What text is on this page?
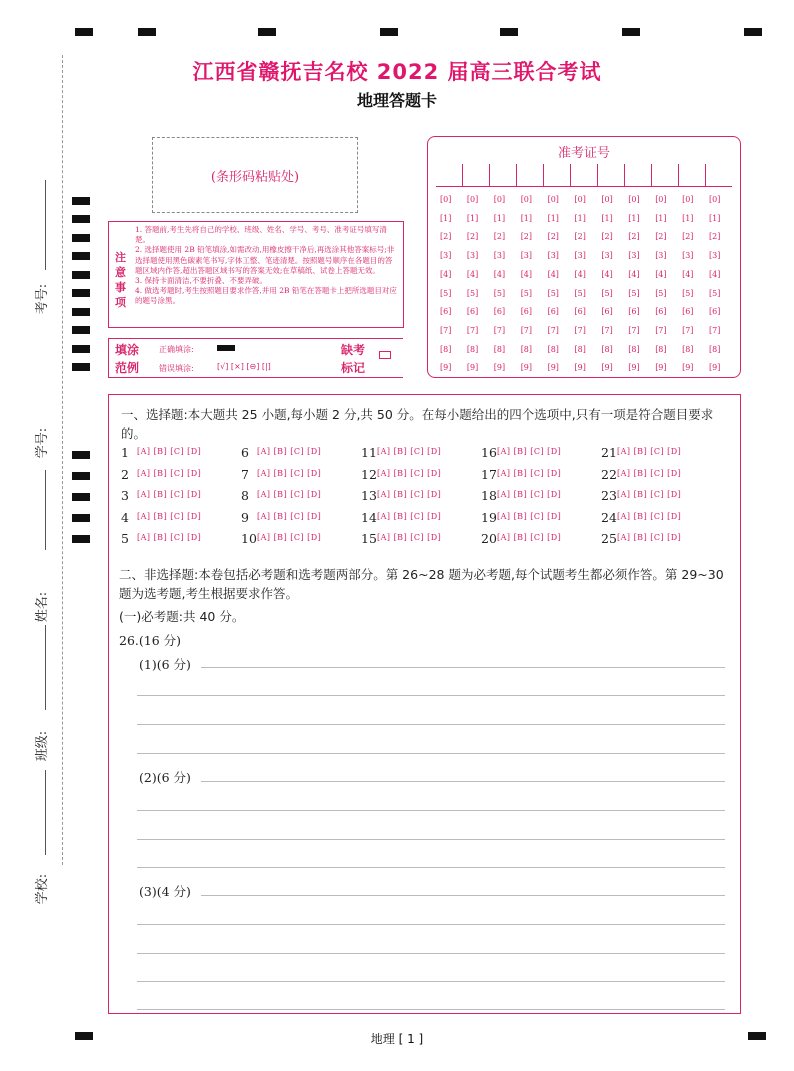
考号:
学号:
姓名:
班级:
学校:
江西省赣抚吉名校 2022 届高三联合考试
地理答题卡
(条形码粘贴处)
注意事项
1. 答题前,考生先将自己的学校、班级、姓名、学号、考号、准考证号填写清楚。
2. 选择题使用 2B 铅笔填涂,如需改动,用橡皮擦干净后,再选涂其他答案标号;非选择题使用黑色碳素笔书写,字体工整、笔迹清楚。按照题号顺序在各题目的答题区域内作答,超出答题区域书写的答案无效;在草稿纸、试卷上答题无效。
3. 保持卡面清洁,不要折叠、不要弄破。
4. 做选考题时,考生按照题目要求作答,并用 2B 铅笔在答题卡上把所选题目对应的题号涂黑。
填涂
范例
正确填涂:
错误填涂:	[√] [×] [⊖] [|]
缺考
标记
准考证号
[0]
[1]
[2]
[3]
[4]
[5]
[6]
[7]
[8]
[9]
[0]
[1]
[2]
[3]
[4]
[5]
[6]
[7]
[8]
[9]
[0]
[1]
[2]
[3]
[4]
[5]
[6]
[7]
[8]
[9]
[0]
[1]
[2]
[3]
[4]
[5]
[6]
[7]
[8]
[9]
[0]
[1]
[2]
[3]
[4]
[5]
[6]
[7]
[8]
[9]
[0]
[1]
[2]
[3]
[4]
[5]
[6]
[7]
[8]
[9]
[0]
[1]
[2]
[3]
[4]
[5]
[6]
[7]
[8]
[9]
[0]
[1]
[2]
[3]
[4]
[5]
[6]
[7]
[8]
[9]
[0]
[1]
[2]
[3]
[4]
[5]
[6]
[7]
[8]
[9]
[0]
[1]
[2]
[3]
[4]
[5]
[6]
[7]
[8]
[9]
[0]
[1]
[2]
[3]
[4]
[5]
[6]
[7]
[8]
[9]
一、选择题:本大题共 25 小题,每小题 2 分,共 50 分。在每小题给出的四个选项中,只有一项是符合题目要求的。
1 [A] [B] [C] [D]
2 [A] [B] [C] [D]
3 [A] [B] [C] [D]
4 [A] [B] [C] [D]
5 [A] [B] [C] [D]
6 [A] [B] [C] [D]
7 [A] [B] [C] [D]
8 [A] [B] [C] [D]
9 [A] [B] [C] [D]
10 [A] [B] [C] [D]
11 [A] [B] [C] [D]
12 [A] [B] [C] [D]
13 [A] [B] [C] [D]
14 [A] [B] [C] [D]
15 [A] [B] [C] [D]
16 [A] [B] [C] [D]
17 [A] [B] [C] [D]
18 [A] [B] [C] [D]
19 [A] [B] [C] [D]
20 [A] [B] [C] [D]
21 [A] [B] [C] [D]
22 [A] [B] [C] [D]
23 [A] [B] [C] [D]
24 [A] [B] [C] [D]
25 [A] [B] [C] [D]
二、非选择题:本卷包括必考题和选考题两部分。第 26~28 题为必考题,每个试题考生都必须作答。第 29~30 题为选考题,考生根据要求作答。
(一)必考题:共 40 分。
26.(16 分)
(1)(6 分)
(2)(6 分)
(3)(4 分)
地理 [ 1 ]
